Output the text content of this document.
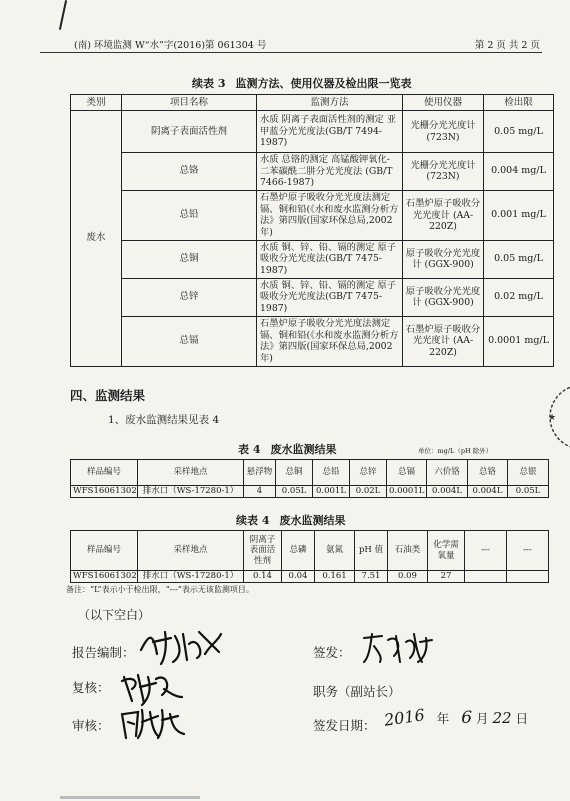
(南) 环境监测 W“水”字(2016)第 061304 号	第 2 页 共 2 页
续表 3 监测方法、使用仪器及检出限一览表
类别	项目名称	监测方法	使用仪器	检出限
废水	阴离子表面活性剂	水质 阴离子表面活性剂的测定 亚甲蓝分光光度法(GB/T 7494-1987)	光栅分光光度计 (723N)	0.05 mg/L
	总铬	水质 总铬的测定 高锰酸钾氧化-二苯碳酰二肼分光光度法 (GB/T 7466-1987)	光栅分光光度计 (723N)	0.004 mg/L
	总铅	石墨炉原子吸收分光光度法测定镉、铜和铅(《水和废水监测分析方法》第四版(国家环保总局,2002 年)	石墨炉原子吸收分光光度计 (AA-220Z)	0.001 mg/L
	总铜	水质 铜、锌、铅、镉的测定 原子吸收分光光度法(GB/T 7475-1987)	原子吸收分光光度计 (GGX-900)	0.05 mg/L
	总锌	水质 铜、锌、铅、镉的测定 原子吸收分光光度法(GB/T 7475-1987)	原子吸收分光光度计 (GGX-900)	0.02 mg/L
	总镉	石墨炉原子吸收分光光度法测定镉、铜和铅(《水和废水监测分析方法》第四版(国家环保总局,2002 年)	石墨炉原子吸收分光光度计 (AA-220Z)	0.0001 mg/L
★
四、监测结果
1、废水监测结果见表 4
表 4 废水监测结果	单位：mg/L（pH 除外）
样品编号	采样地点	悬浮物	总铜	总铅	总锌	总镉	六价铬	总铬	总银
WFS16061302	排水口（WS-17280-1）	4	0.05L	0.001L	0.02L	0.0001L	0.004L	0.004L	0.05L
续表 4 废水监测结果
样品编号	采样地点	阴离子表面活性剂	总磷	氨氮	pH 值	石油类	化学需氧量	---	---
WFS16061302	排水口（WS-17280-1）	0.14	0.04	0.161	7.51	0.09	27		
备注：“L”表示小于检出限，“---”表示无该监测项目。
（以下空白）
报告编制：	签发：
复核：	职务（副站长）
审核：	签发日期： 2016 年 6 月 22 日
